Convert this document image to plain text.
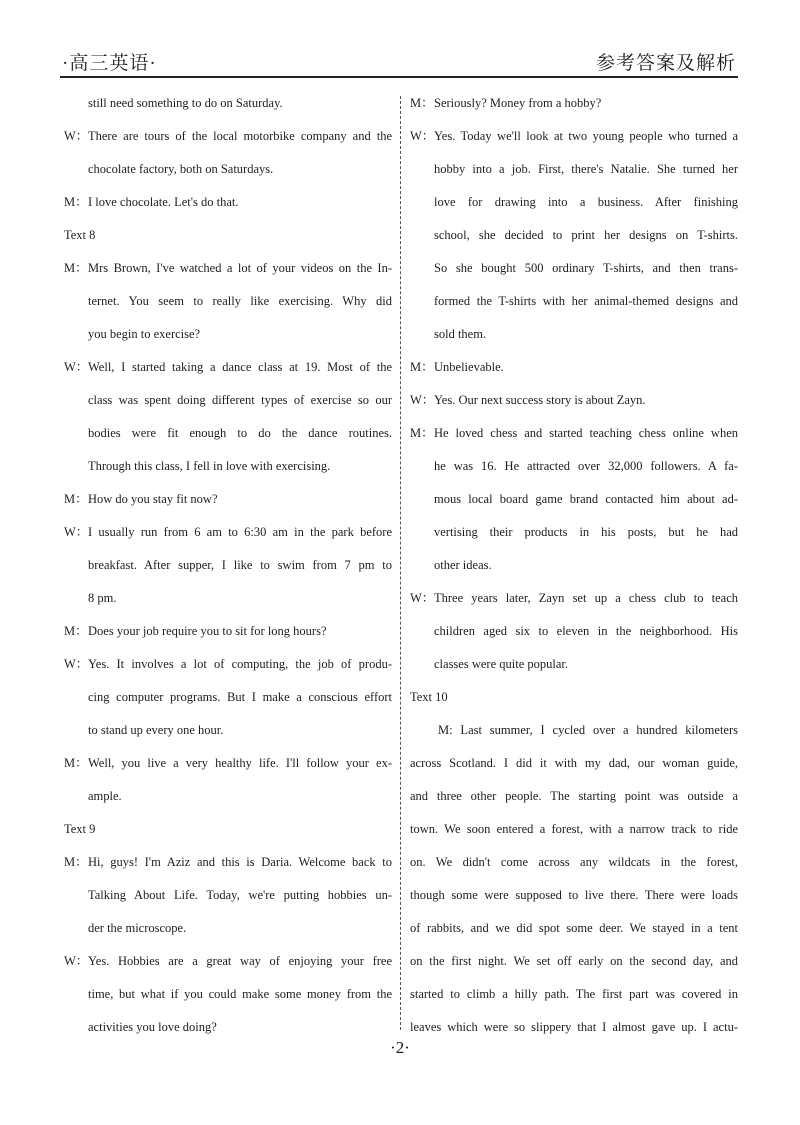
·高三英语·	参考答案及解析
still need something to do on Saturday.
W：There are tours of the local motorbike company and the
chocolate factory, both on Saturdays.
M：I love chocolate. Let's do that.
Text 8
M：Mrs Brown, I've watched a lot of your videos on the In-
ternet. You seem to really like exercising. Why did
you begin to exercise?
W：Well, I started taking a dance class at 19. Most of the
class was spent doing different types of exercise so our
bodies were fit enough to do the dance routines.
Through this class, I fell in love with exercising.
M：How do you stay fit now?
W：I usually run from 6 am to 6:30 am in the park before
breakfast. After supper, I like to swim from 7 pm to
8 pm.
M：Does your job require you to sit for long hours?
W：Yes. It involves a lot of computing, the job of produ-
cing computer programs. But I make a conscious effort
to stand up every one hour.
M：Well, you live a very healthy life. I'll follow your ex-
ample.
Text 9
M：Hi, guys! I'm Aziz and this is Daria. Welcome back to
Talking About Life. Today, we're putting hobbies un-
der the microscope.
W：Yes. Hobbies are a great way of enjoying your free
time, but what if you could make some money from the
activities you love doing?
M：Seriously? Money from a hobby?
W：Yes. Today we'll look at two young people who turned a
hobby into a job. First, there's Natalie. She turned her
love for drawing into a business. After finishing
school, she decided to print her designs on T-shirts.
So she bought 500 ordinary T-shirts, and then trans-
formed the T-shirts with her animal-themed designs and
sold them.
M：Unbelievable.
W：Yes. Our next success story is about Zayn.
M：He loved chess and started teaching chess online when
he was 16. He attracted over 32,000 followers. A fa-
mous local board game brand contacted him about ad-
vertising their products in his posts, but he had
other ideas.
W：Three years later, Zayn set up a chess club to teach
children aged six to eleven in the neighborhood. His
classes were quite popular.
Text 10
M: Last summer, I cycled over a hundred kilometers
across Scotland. I did it with my dad, our woman guide,
and three other people. The starting point was outside a
town. We soon entered a forest, with a narrow track to ride
on. We didn't come across any wildcats in the forest,
though some were supposed to live there. There were loads
of rabbits, and we did spot some deer. We stayed in a tent
on the first night. We set off early on the second day, and
started to climb a hilly path. The first part was covered in
leaves which were so slippery that I almost gave up. I actu-
·2·
